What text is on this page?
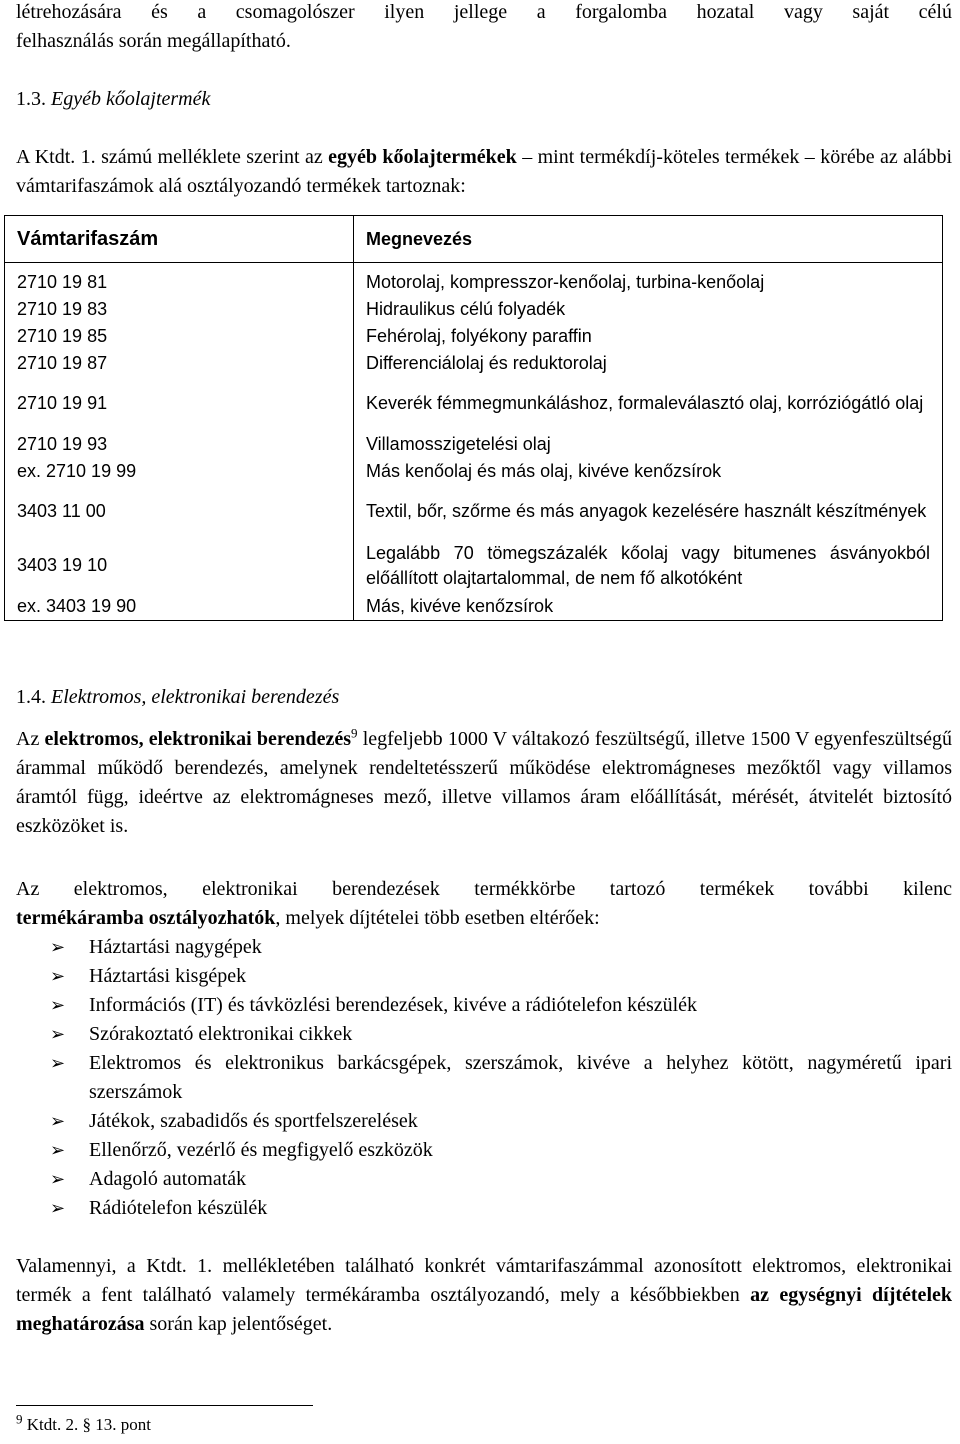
létrehozására és a csomagolószer ilyen jellege a forgalomba hozatal vagy saját célú

felhasználás során megállapítható.

1.3. Egyéb kőolajtermék

A Ktdt. 1. számú melléklete szerint az egyéb kőolajtermékek – mint termékdíj-köteles termékek – körébe az alábbi vámtarifaszámok alá osztályozandó termékek tartoznak:

Vámtarifaszám	Megnevezés
2710 19 81	Motorolaj, kompresszor-kenőolaj, turbina-kenőolaj
2710 19 83	Hidraulikus célú folyadék
2710 19 85	Fehérolaj, folyékony paraffin
2710 19 87	Differenciálolaj és reduktorolaj
2710 19 91	Keverék fémmegmunkáláshoz, formaleválasztó olaj, korróziógátló olaj
2710 19 93	Villamosszigetelési olaj
ex. 2710 19 99	Más kenőolaj és más olaj, kivéve kenőzsírok
3403 11 00	Textil, bőr, szőrme és más anyagok kezelésére használt készítmények
3403 19 10	Legalább 70 tömegszázalék kőolaj vagy bitumenes ásványokból előállított olajtartalommal, de nem fő alkotóként
ex. 3403 19 90	Más, kivéve kenőzsírok

1.4. Elektromos, elektronikai berendezés

Az elektromos, elektronikai berendezés$^9$ legfeljebb 1000 V váltakozó feszültségű, illetve 1500 V egyenfeszültségű árammal működő berendezés, amelynek rendeltetésszerű működése elektromágneses mezőktől vagy villamos áramtól függ, ideértve az elektromágneses mező, illetve villamos áram előállítását, mérését, átvitelét biztosító eszközöket is.

Az elektromos, elektronikai berendezések termékkörbe tartozó termékek további kilenc

termékáramba osztályozhatók, melyek díjtételei több esetben eltérőek:

➢ Háztartási nagygépek
➢ Háztartási kisgépek
➢ Információs (IT) és távközlési berendezések, kivéve a rádiótelefon készülék
➢ Szórakoztató elektronikai cikkek
➢ Elektromos és elektronikus barkácsgépek, szerszámok, kivéve a helyhez kötött, nagyméretű ipari szerszámok
➢ Játékok, szabadidős és sportfelszerelések
➢ Ellenőrző, vezérlő és megfigyelő eszközök
➢ Adagoló automaták
➢ Rádiótelefon készülék

Valamennyi, a Ktdt. 1. mellékletében található konkrét vámtarifaszámmal azonosított elektromos, elektronikai termék a fent található valamely termékáramba osztályozandó, mely a későbbiekben az egységnyi díjtételek meghatározása során kap jelentőséget.

$^9$ Ktdt. 2. § 13. pont
